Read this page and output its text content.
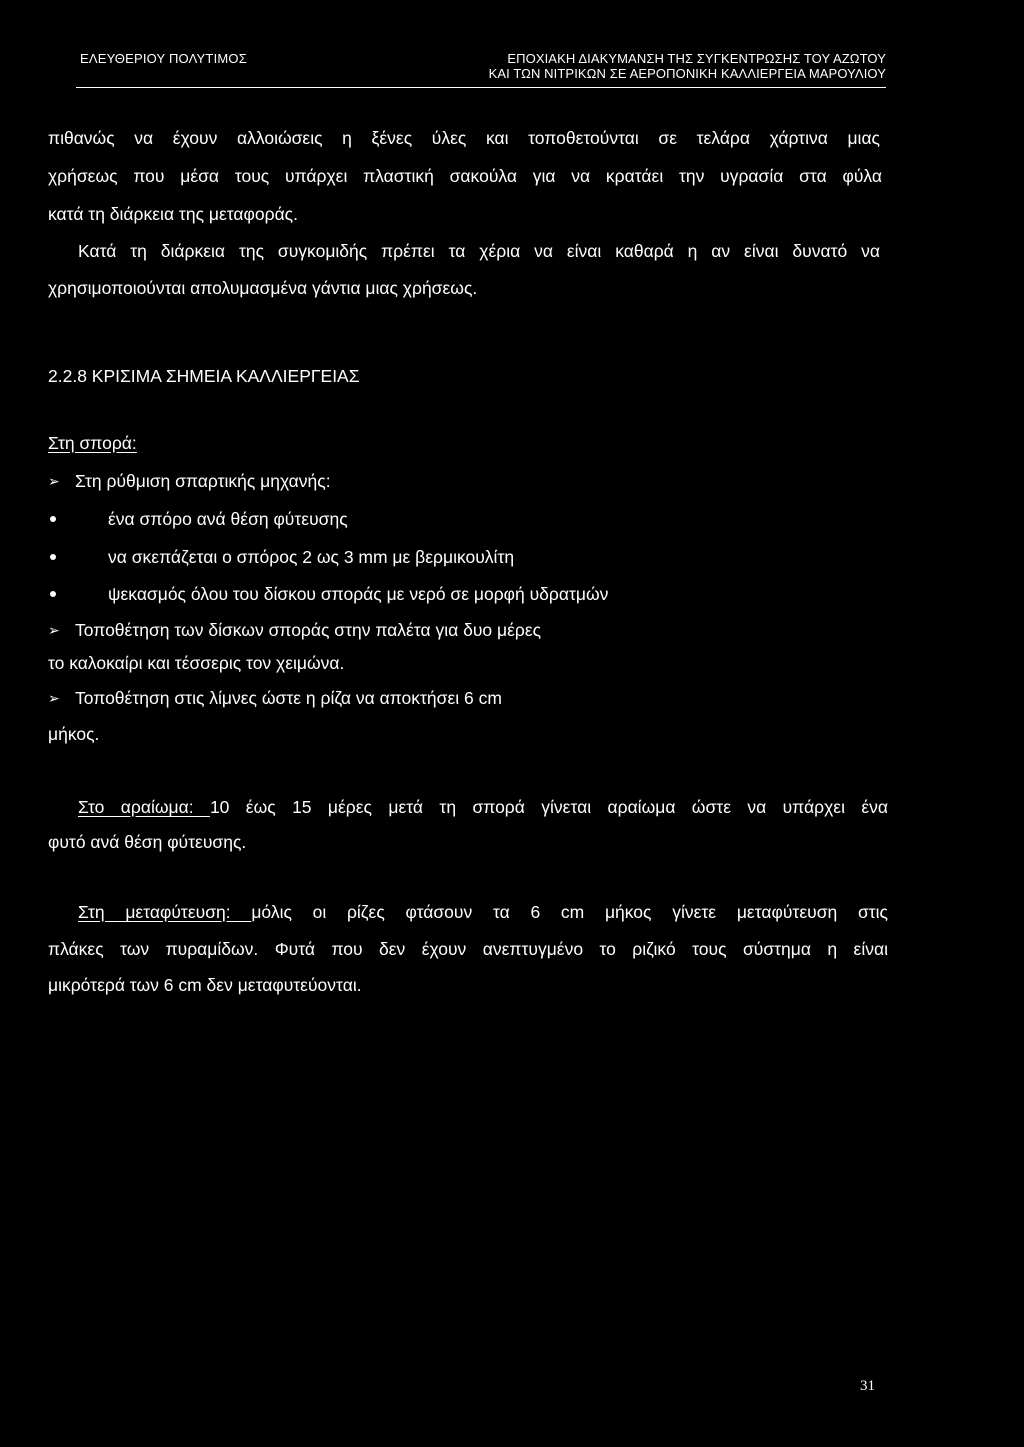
ΕΛΕΥΘΕΡΙΟΥ ΠΟΛΥΤΙΜΟΣ	ΕΠΟΧΙΑΚΗ ΔΙΑΚΥΜΑΝΣΗ ΤΗΣ ΣΥΓΚΕΝΤΡΩΣΗΣ ΤΟΥ ΑΖΩΤΟΥ
ΚΑΙ ΤΩΝ ΝΙΤΡΙΚΩΝ ΣΕ ΑΕΡΟΠΟΝΙΚΗ ΚΑΛΛΙΕΡΓΕΙΑ ΜΑΡΟΥΛΙΟΥ
πιθανώς να έχουν αλλοιώσεις η ξένες ύλες και τοποθετούνται σε τελάρα χάρτινα μιας
χρήσεως που μέσα τους υπάρχει πλαστική σακούλα για να κρατάει την υγρασία στα φύλα
κατά τη διάρκεια της μεταφοράς.
Κατά τη διάρκεια της συγκομιδής πρέπει τα χέρια να είναι καθαρά η αν είναι δυνατό να
χρησιμοποιούνται απολυμασμένα γάντια μιας χρήσεως.
2.2.8 ΚΡΙΣΙΜΑ ΣΗΜΕΙΑ ΚΑΛΛΙΕΡΓΕΙΑΣ
Στη σπορά:
➢ Στη ρύθμιση σπαρτικής μηχανής:
ένα σπόρο ανά θέση φύτευσης
να σκεπάζεται ο σπόρος 2 ως 3 mm με βερμικουλίτη
ψεκασμός όλου του δίσκου σποράς με νερό σε μορφή υδρατμών
➢ Τοποθέτηση των δίσκων σποράς στην παλέτα για δυο μέρες
το καλοκαίρι και τέσσερις τον χειμώνα.
➢ Τοποθέτηση στις λίμνες ώστε η ρίζα να αποκτήσει 6 cm
μήκος.
Στο αραίωμα: 10 έως 15 μέρες μετά τη σπορά γίνεται αραίωμα ώστε να υπάρχει ένα
φυτό ανά θέση φύτευσης.
Στη μεταφύτευση: μόλις οι ρίζες φτάσουν τα 6 cm μήκος γίνετε μεταφύτευση στις
πλάκες των πυραμίδων. Φυτά που δεν έχουν ανεπτυγμένο το ριζικό τους σύστημα η είναι
μικρότερά των 6 cm δεν μεταφυτεύονται.
31
